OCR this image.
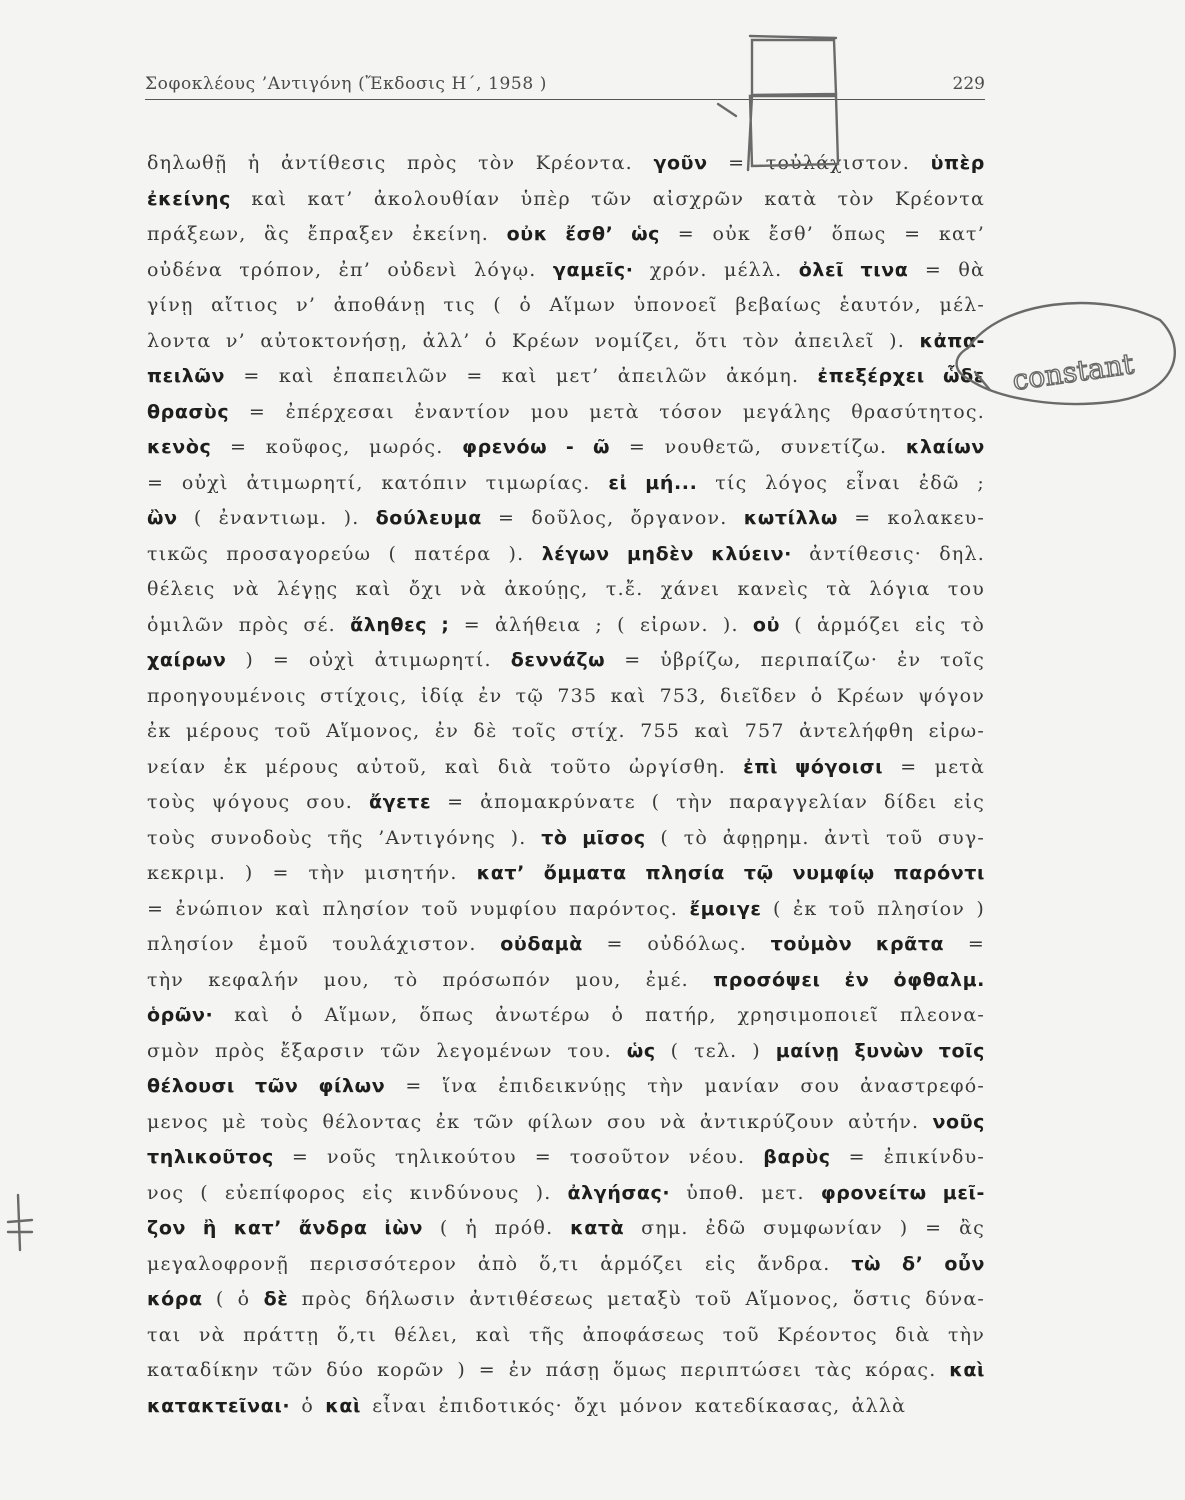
Σοφοκλέους ’Αντιγόνη (Ἔκδοσις Η΄, 1958 )	229
δηλωθῇ ἡ ἀντίθεσις πρὸς τὸν Κρέοντα. γοῦν = τοὐλάχιστον. ὑπὲρ
ἐκείνης καὶ κατ’ ἀκολουθίαν ὑπὲρ τῶν αἰσχρῶν κατὰ τὸν Κρέοντα
πράξεων, ἃς ἔπραξεν ἐκείνη. οὐκ ἔσθ’ ὡς = οὐκ ἔσθ’ ὅπως = κατ’
οὐδένα τρόπον, ἐπ’ οὐδενὶ λόγῳ. γαμεῖς· χρόν. μέλλ. ὀλεῖ τινα = θὰ
γίνῃ αἴτιος ν’ ἀποθάνῃ τις ( ὁ Αἵμων ὑπονοεῖ βεβαίως ἑαυτόν, μέλ-
λοντα ν’ αὐτοκτονήσῃ, ἀλλ’ ὁ Κρέων νομίζει, ὅτι τὸν ἀπειλεῖ ). κἀπα-
πειλῶν = καὶ ἐπαπειλῶν = καὶ μετ’ ἀπειλῶν ἀκόμη. ἐπεξέρχει ὧδε
θρασὺς = ἐπέρχεσαι ἐναντίον μου μετὰ τόσον μεγάλης θρασύτητος.
κενὸς = κοῦφος, μωρός. φρενόω - ῶ = νουθετῶ, συνετίζω. κλαίων
= οὐχὶ ἀτιμωρητί, κατόπιν τιμωρίας. εἰ μή... τίς λόγος εἶναι ἐδῶ ;
ὢν ( ἐναντιωμ. ). δούλευμα = δοῦλος, ὄργανον. κωτίλλω = κολακευ-
τικῶς προσαγορεύω ( πατέρα ). λέγων μηδὲν κλύειν· ἀντίθεσις· δηλ.
θέλεις νὰ λέγῃς καὶ ὄχι νὰ ἀκούῃς, τ.ἔ. χάνει κανεὶς τὰ λόγια του
ὁμιλῶν πρὸς σέ. ἄληθες ; = ἀλήθεια ; ( εἰρων. ). οὐ ( ἁρμόζει εἰς τὸ
χαίρων ) = οὐχὶ ἀτιμωρητί. δεννάζω = ὑβρίζω, περιπαίζω· ἐν τοῖς
προηγουμένοις στίχοις, ἰδίᾳ ἐν τῷ 735 καὶ 753, διεῖδεν ὁ Κρέων ψόγον
ἐκ μέρους τοῦ Αἵμονος, ἐν δὲ τοῖς στίχ. 755 καὶ 757 ἀντελήφθη εἰρω-
νείαν ἐκ μέρους αὐτοῦ, καὶ διὰ τοῦτο ὠργίσθη. ἐπὶ ψόγοισι = μετὰ
τοὺς ψόγους σου. ἄγετε = ἀπομακρύνατε ( τὴν παραγγελίαν δίδει εἰς
τοὺς συνοδοὺς τῆς ’Αντιγόνης ). τὸ μῖσος ( τὸ ἀφῃρημ. ἀντὶ τοῦ συγ-
κεκριμ. ) = τὴν μισητήν. κατ’ ὄμματα πλησία τῷ νυμφίῳ παρόντι
= ἐνώπιον καὶ πλησίον τοῦ νυμφίου παρόντος. ἔμοιγε ( ἐκ τοῦ πλησίον )
πλησίον ἐμοῦ τουλάχιστον. οὐδαμὰ = οὐδόλως. τοὐμὸν κρᾶτα =
τὴν κεφαλήν μου, τὸ πρόσωπόν μου, ἐμέ. προσόψει ἐν ὀφθαλμ.
ὁρῶν· καὶ ὁ Αἵμων, ὅπως ἀνωτέρω ὁ πατήρ, χρησιμοποιεῖ πλεονα-
σμὸν πρὸς ἔξαρσιν τῶν λεγομένων του. ὡς ( τελ. ) μαίνῃ ξυνὼν τοῖς
θέλουσι τῶν φίλων = ἵνα ἐπιδεικνύῃς τὴν μανίαν σου ἀναστρεφό-
μενος μὲ τοὺς θέλοντας ἐκ τῶν φίλων σου νὰ ἀντικρύζουν αὐτήν. νοῦς
τηλικοῦτος = νοῦς τηλικούτου = τοσοῦτον νέου. βαρὺς = ἐπικίνδυ-
νος ( εὐεπίφορος εἰς κινδύνους ). ἀλγήσας· ὑποθ. μετ. φρονείτω μεῖ-
ζον ἢ κατ’ ἄνδρα ἰὼν ( ἡ πρόθ. κατὰ σημ. ἐδῶ συμφωνίαν ) = ἂς
μεγαλοφρονῇ περισσότερον ἀπὸ ὅ,τι ἁρμόζει εἰς ἄνδρα. τὼ δ’ οὖν
κόρα ( ὁ δὲ πρὸς δήλωσιν ἀντιθέσεως μεταξὺ τοῦ Αἵμονος, ὅστις δύνα-
ται νὰ πράττῃ ὅ,τι θέλει, καὶ τῆς ἀποφάσεως τοῦ Κρέοντος διὰ τὴν
καταδίκην τῶν δύο κορῶν ) = ἐν πάσῃ ὅμως περιπτώσει τὰς κόρας. καὶ
κατακτεῖναι· ὁ καὶ εἶναι ἐπιδοτικός· ὄχι μόνον κατεδίκασας, ἀλλὰ
constant
